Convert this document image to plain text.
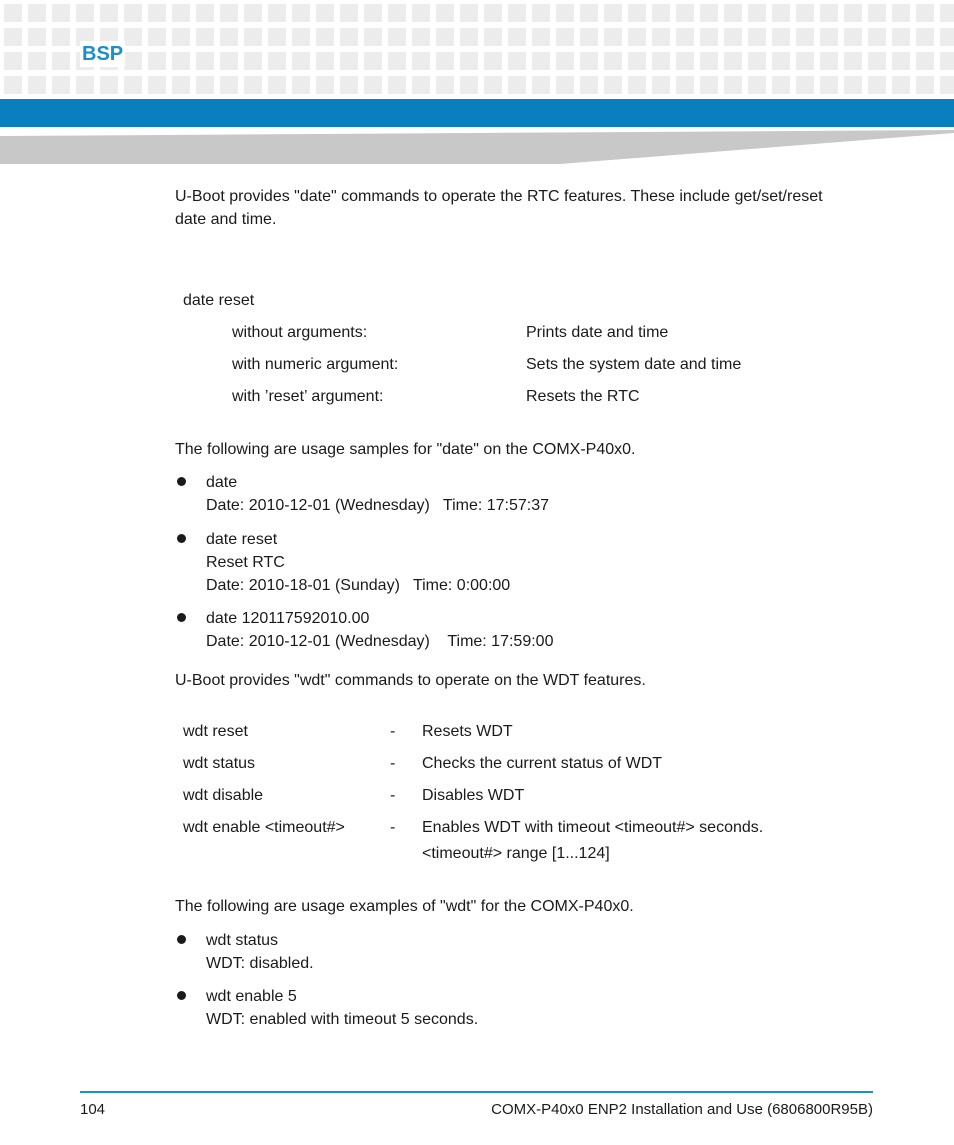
BSP
U-Boot provides "date" commands to operate the RTC features. These include get/set/reset
date and time.
date reset
without arguments:	Prints date and time
with numeric argument:	Sets the system date and time
with ’reset’ argument:	Resets the RTC
The following are usage samples for "date" on the COMX-P40x0.
date
Date: 2010-12-01 (Wednesday)   Time: 17:57:37
date reset
Reset RTC
Date: 2010-18-01 (Sunday)   Time: 0:00:00
date 120117592010.00
Date: 2010-12-01 (Wednesday)    Time: 17:59:00
U-Boot provides "wdt" commands to operate on the WDT features.
wdt reset	- Resets WDT
wdt status	- Checks the current status of WDT
wdt disable	- Disables WDT
wdt enable <timeout#>	- Enables WDT with timeout <timeout#> seconds.
<timeout#> range [1...124]
The following are usage examples of "wdt" for the COMX-P40x0.
wdt status
WDT: disabled.
wdt enable 5
WDT: enabled with timeout 5 seconds.
104	COMX-P40x0 ENP2 Installation and Use (6806800R95B)
